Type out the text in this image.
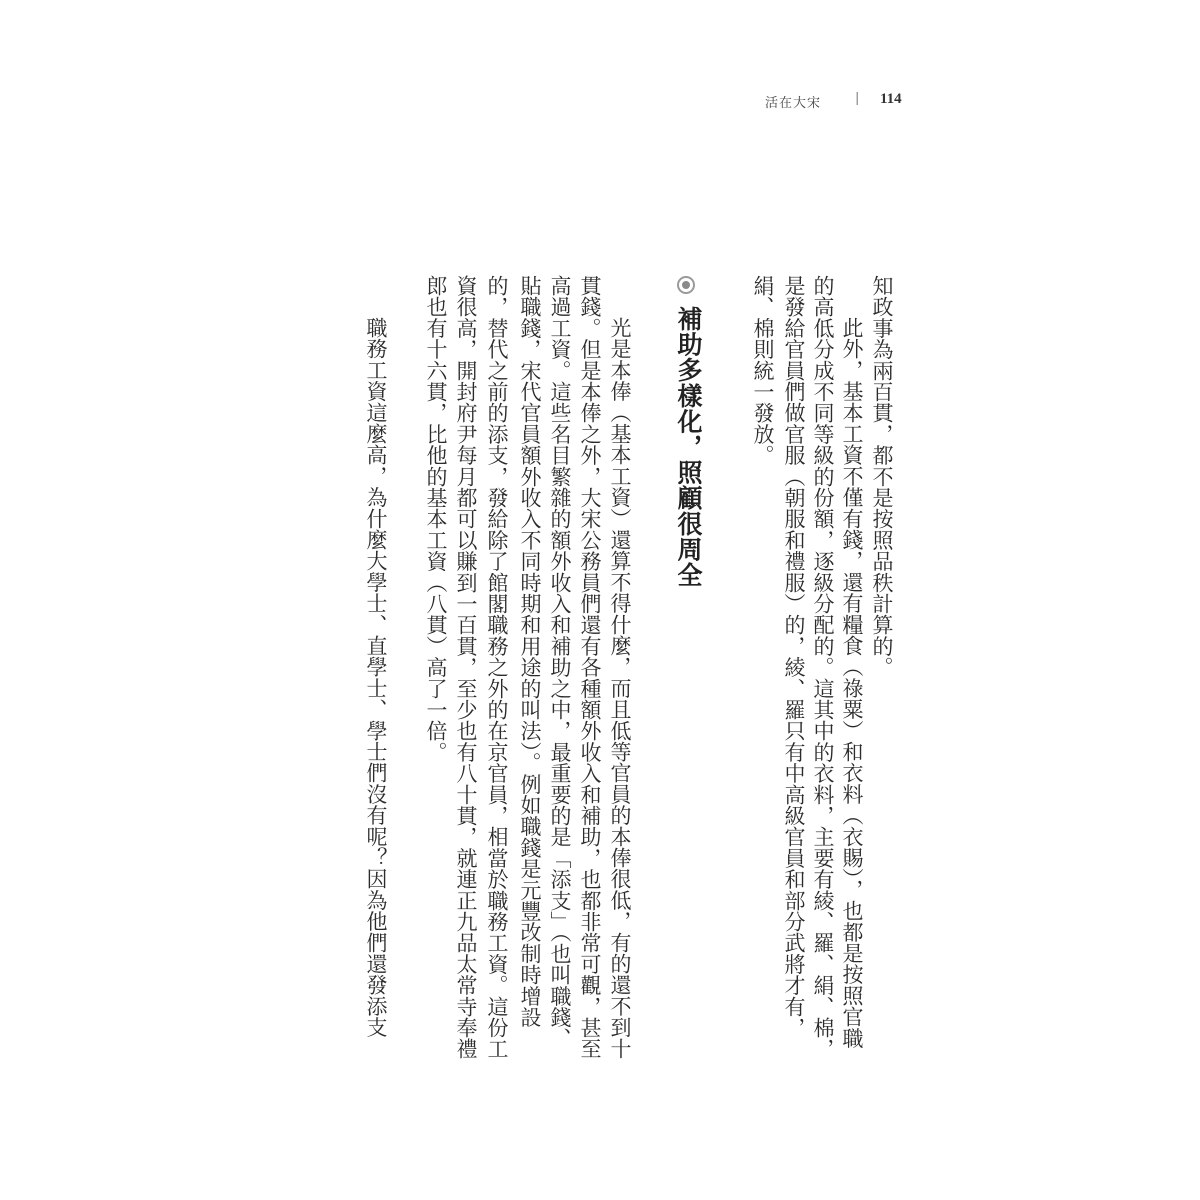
活在大宋	| 114
知政事為兩百貫，都不是按照品秩計算的。
此外，基本工資不僅有錢，還有糧食（祿粟）和衣料（衣賜），也都是按照官職
的高低分成不同等級的份額，逐級分配的。這其中的衣料，主要有綾、羅、絹、棉，
是發給官員們做官服（朝服和禮服）的，綾、羅只有中高級官員和部分武將才有，
絹、棉則統一發放。
補助多樣化，照顧很周全
光是本俸（基本工資）還算不得什麼，而且低等官員的本俸很低，有的還不到十
貫錢。但是本俸之外，大宋公務員們還有各種額外收入和補助，也都非常可觀，甚至
高過工資。這些名目繁雜的額外收入和補助之中，最重要的是「添支」（也叫職錢、
貼職錢，宋代官員額外收入不同時期和用途的叫法）。例如職錢是元豐改制時增設
的，替代之前的添支，發給除了館閣職務之外的在京官員，相當於職務工資。這份工
資很高，開封府尹每月都可以賺到一百貫，至少也有八十貫，就連正九品太常寺奉禮
郎也有十六貫，比他的基本工資（八貫）高了一倍。
職務工資這麼高，為什麼大學士、直學士、學士們沒有呢？因為他們還發添支
